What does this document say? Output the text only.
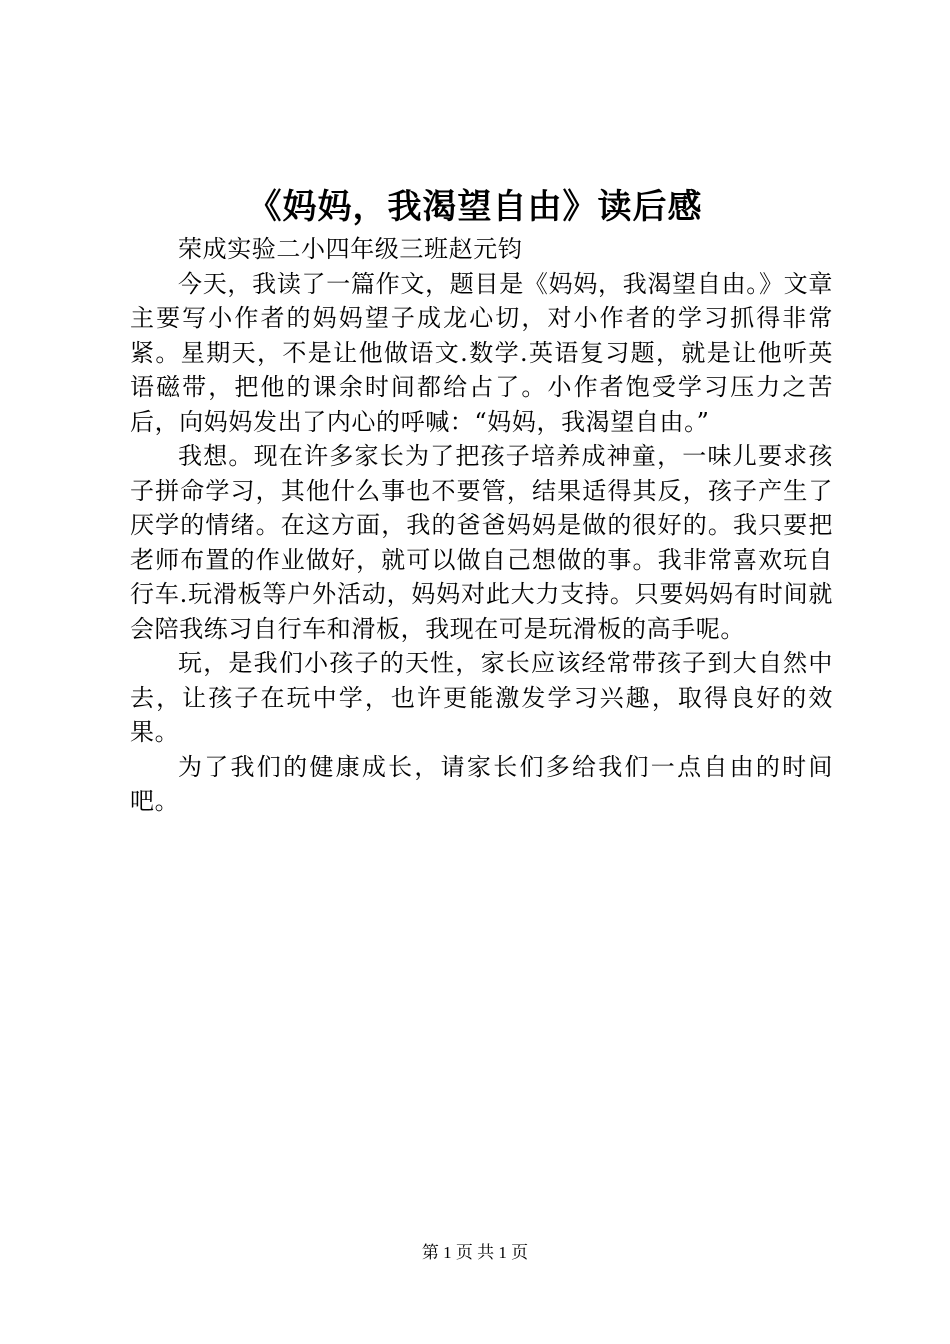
《妈妈，我渴望自由》读后感
荣成实验二小四年级三班赵元钧

今天，我读了一篇作文，题目是《妈妈，我渴望自由。》文章主要写小作者的妈妈望子成龙心切，对小作者的学习抓得非常紧。星期天，不是让他做语文.数学.英语复习题，就是让他听英语磁带，把他的课余时间都给占了。小作者饱受学习压力之苦后，向妈妈发出了内心的呼喊：“妈妈，我渴望自由。”

我想。现在许多家长为了把孩子培养成神童，一味儿要求孩子拼命学习，其他什么事也不要管，结果适得其反，孩子产生了厌学的情绪。在这方面，我的爸爸妈妈是做的很好的。我只要把老师布置的作业做好，就可以做自己想做的事。我非常喜欢玩自行车.玩滑板等户外活动，妈妈对此大力支持。只要妈妈有时间就会陪我练习自行车和滑板，我现在可是玩滑板的高手呢。

玩，是我们小孩子的天性，家长应该经常带孩子到大自然中去，让孩子在玩中学，也许更能激发学习兴趣，取得良好的效果。

为了我们的健康成长，请家长们多给我们一点自由的时间吧。

第 1 页 共 1 页
